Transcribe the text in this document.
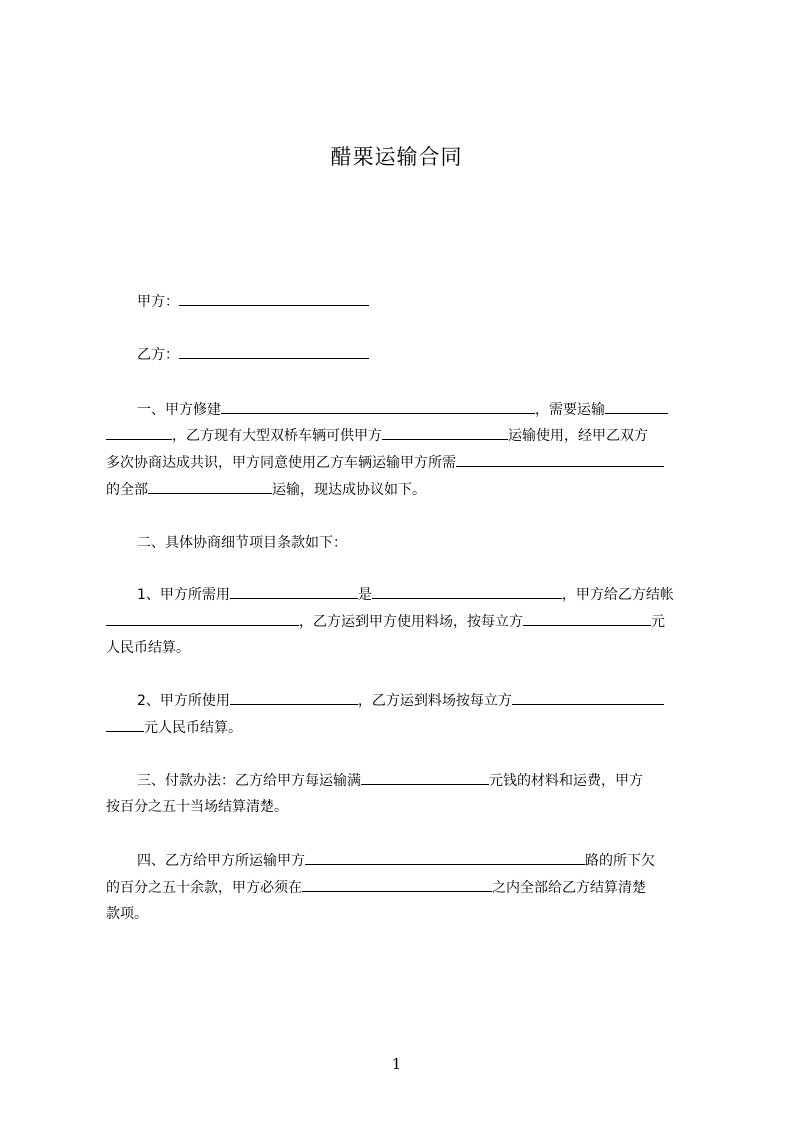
醋栗运输合同
甲方：
乙方：
一、甲方修建	，需要运输
，乙方现有大型双桥车辆可供甲方	运输使用，经甲乙双方
多次协商达成共识，甲方同意使用乙方车辆运输甲方所需
的全部	运输，现达成协议如下。
二、具体协商细节项目条款如下：
1、甲方所需用	是	，甲方给乙方结帐
，乙方运到甲方使用料场，按每立方	元
人民币结算。
2、甲方所使用	，乙方运到料场按每立方
元人民币结算。
三、付款办法：乙方给甲方每运输满	元钱的材料和运费，甲方
按百分之五十当场结算清楚。
四、乙方给甲方所运输甲方	路的所下欠
的百分之五十余款，甲方必须在	之内全部给乙方结算清楚
款项。
1
